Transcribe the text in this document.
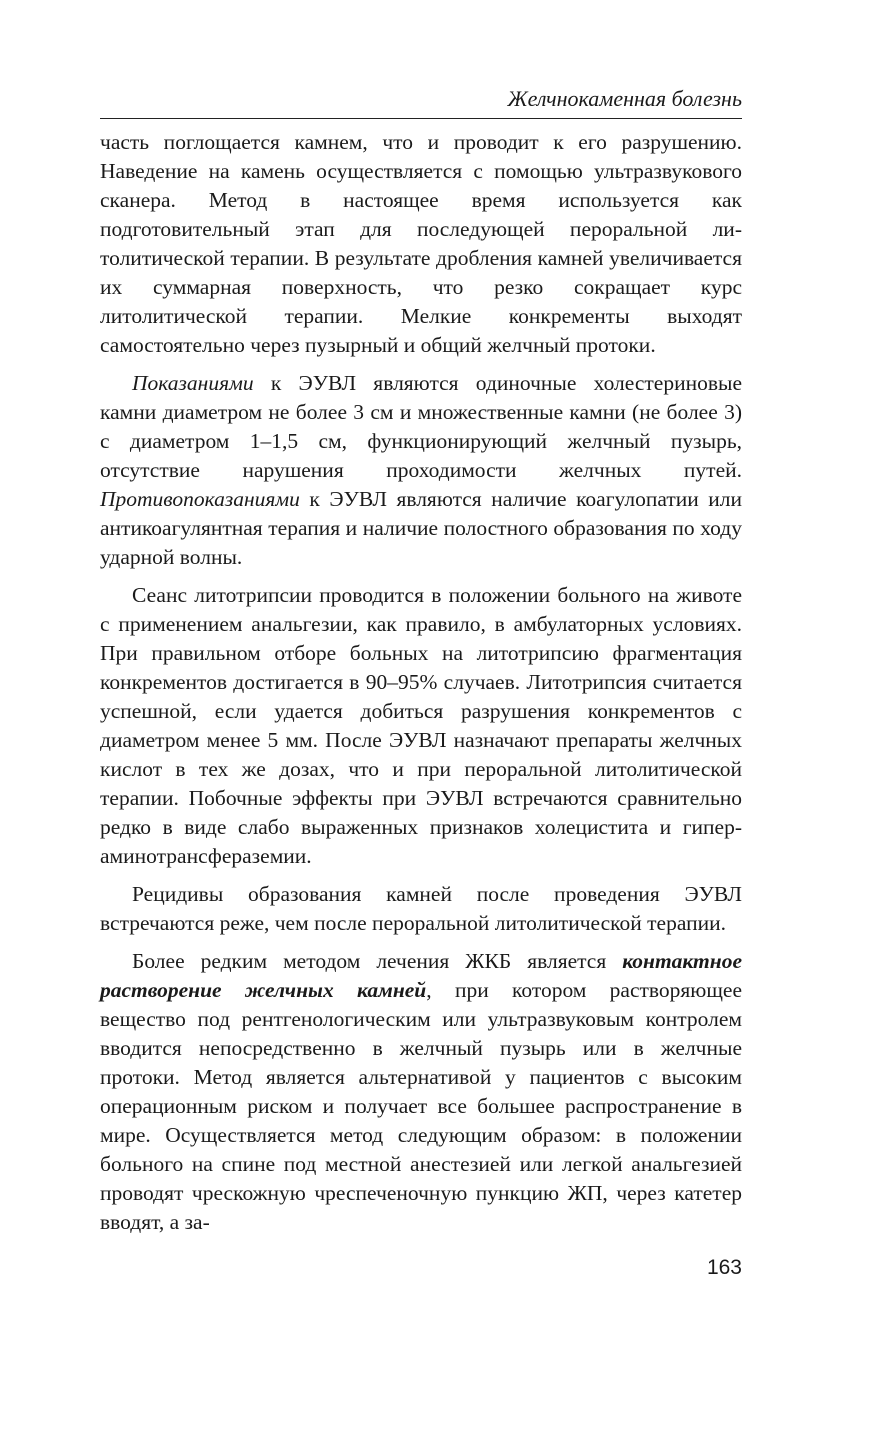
Желчнокаменная болезнь

часть поглощается камнем, что и проводит к его разрушению. Наведение на камень осуществляется с помощью ультразвукового сканера. Метод в настоящее время используется как подготовительный этап для последующей пероральной литолитической терапии. В результате дробления камней увеличивается их суммарная поверхность, что резко сокращает курс литолитической терапии. Мелкие конкременты выходят самостоятельно через пузырный и общий желчный протоки.

Показаниями к ЭУВЛ являются одиночные холестериновые камни диаметром не более 3 см и множественные камни (не более 3) с диаметром 1–1,5 см, функционирующий желчный пузырь, отсутствие нарушения проходимости желчных путей. Противопоказаниями к ЭУВЛ являются наличие коагулопатии или антикоагулянтная терапия и наличие полостного образования по ходу ударной волны.

Сеанс литотрипсии проводится в положении больного на животе с применением анальгезии, как правило, в амбулаторных условиях. При правильном отборе больных на литотрипсию фрагментация конкрементов достигается в 90–95% случаев. Литотрипсия считается успешной, если удается добиться разрушения конкрементов с диаметром менее 5 мм. После ЭУВЛ назначают препараты желчных кислот в тех же дозах, что и при пероральной литолитической терапии. Побочные эффекты при ЭУВЛ встречаются сравнительно редко в виде слабо выраженных признаков холецистита и гипераминотрансфераземии.

Рецидивы образования камней после проведения ЭУВЛ встречаются реже, чем после пероральной литолитической терапии.

Более редким методом лечения ЖКБ является контактное растворение желчных камней, при котором растворяющее вещество под рентгенологическим или ультразвуковым контролем вводится непосредственно в желчный пузырь или в желчные протоки. Метод является альтернативой у пациентов с высоким операционным риском и получает все большее распространение в мире. Осуществляется метод следующим образом: в положении больного на спине под местной анестезией или легкой анальгезией проводят чрескожную чреспеченочную пункцию ЖП, через катетер вводят, а за-

163
